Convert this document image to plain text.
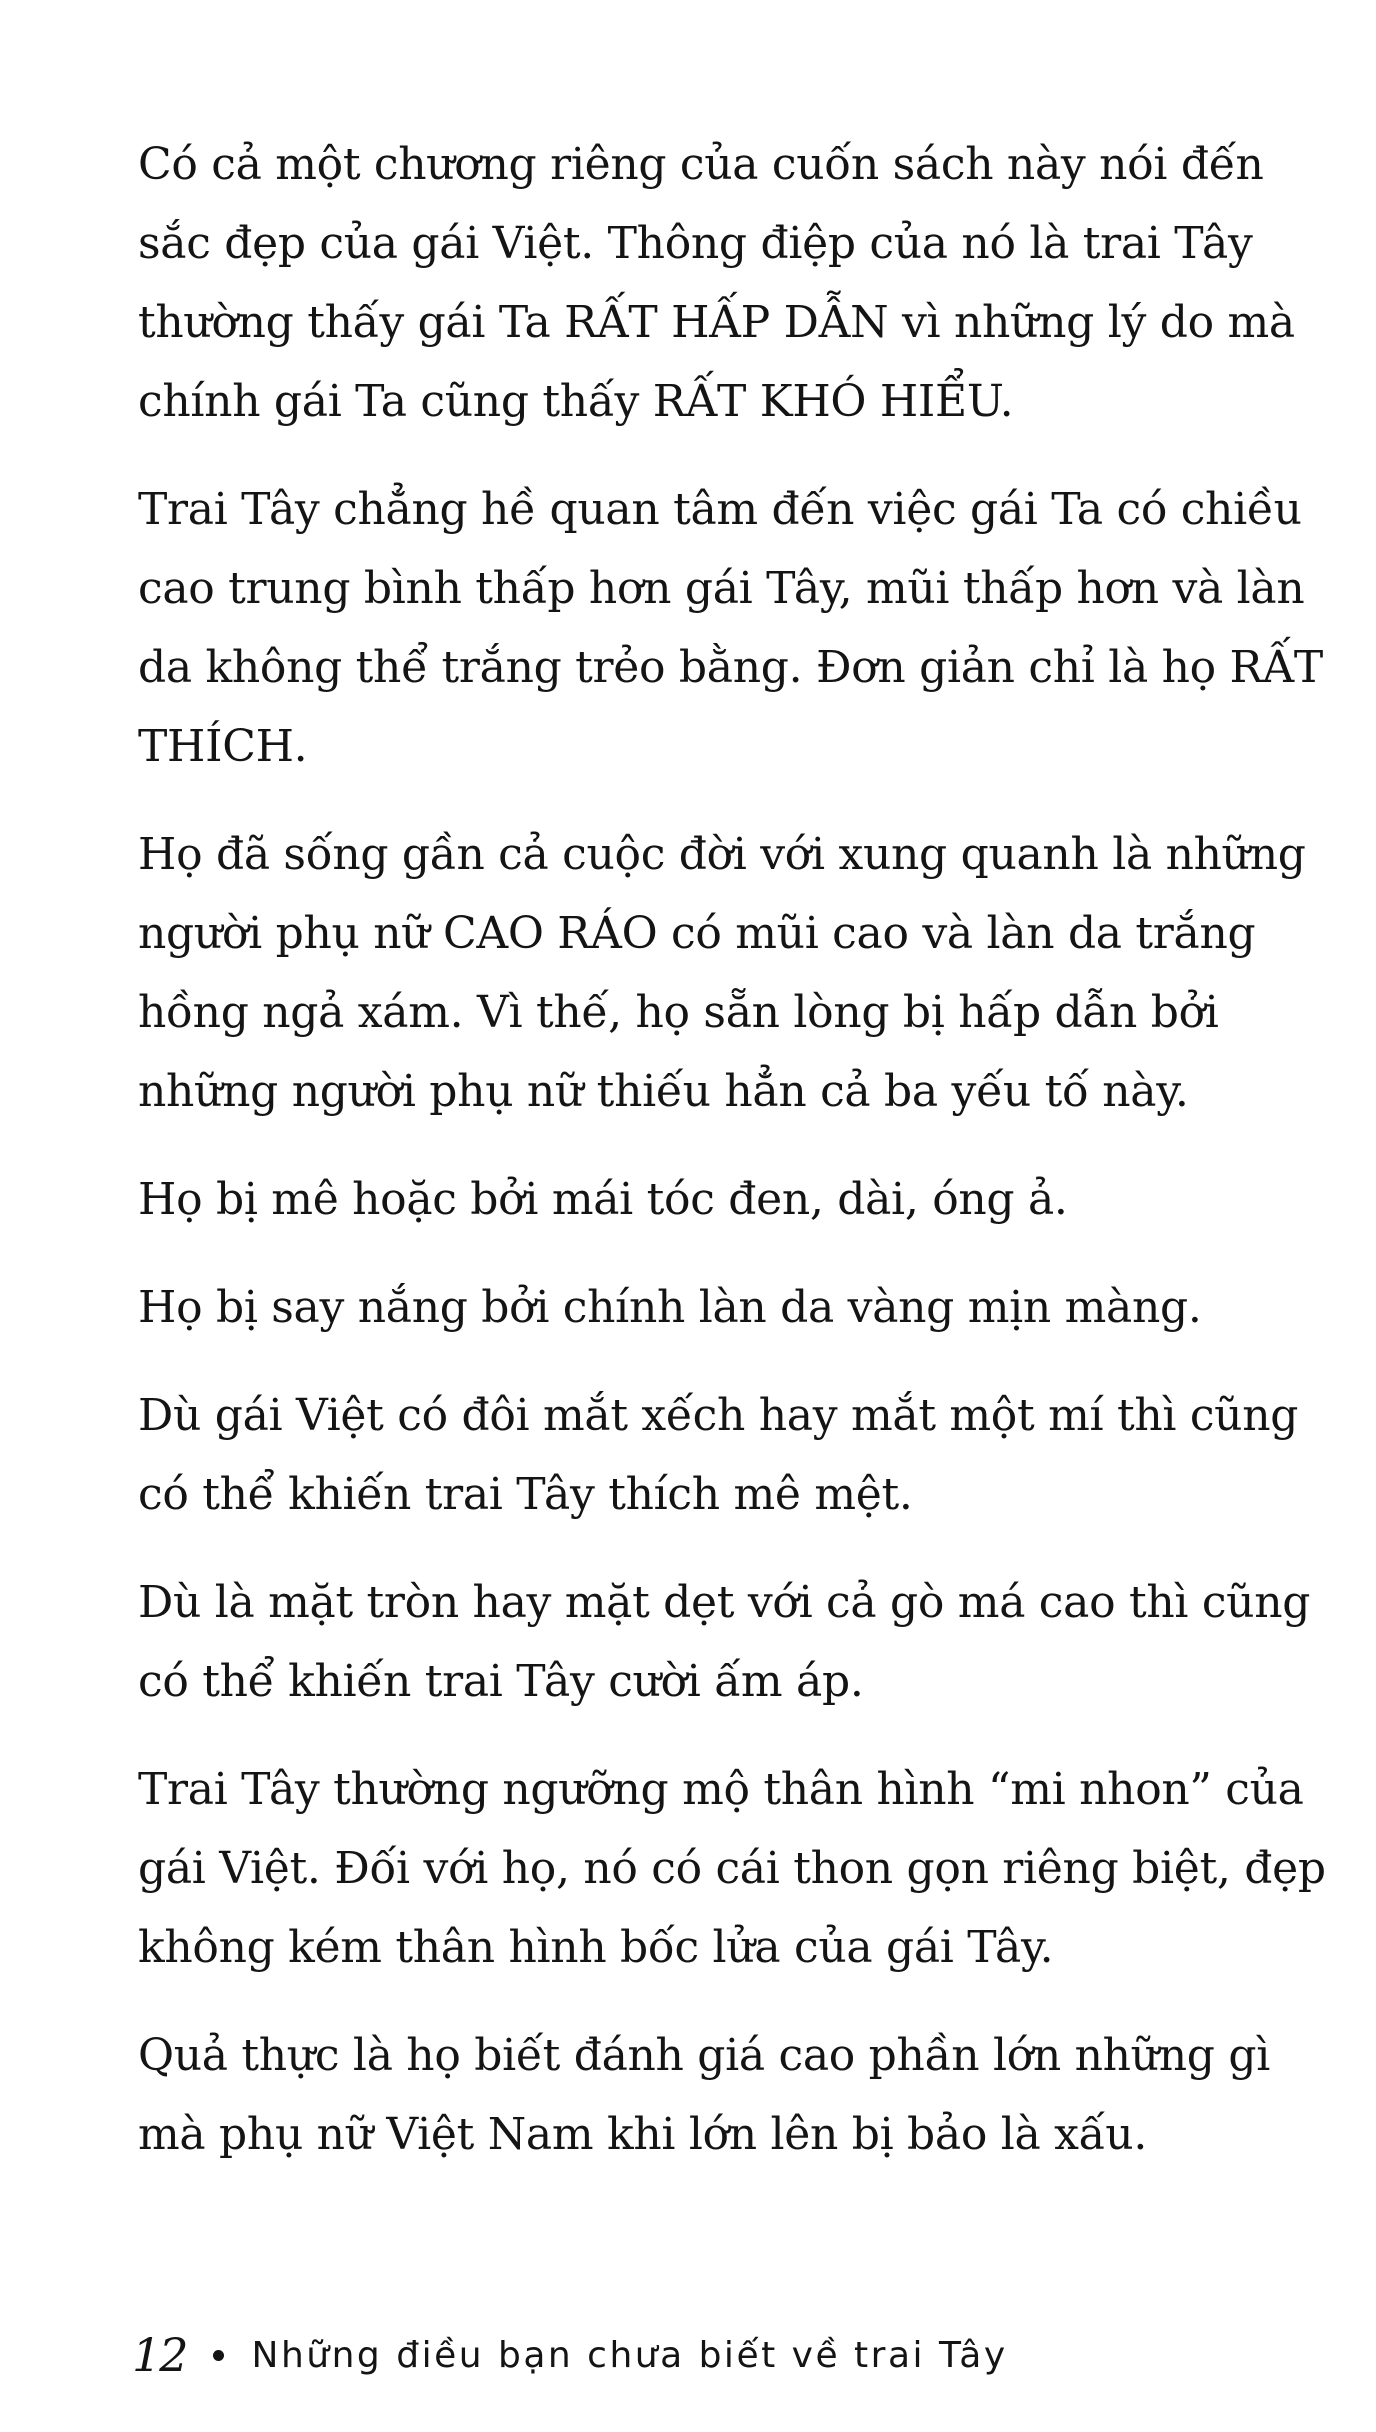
Có cả một chương riêng của cuốn sách này nói đến
sắc đẹp của gái Việt. Thông điệp của nó là trai Tây
thường thấy gái Ta RẤT HẤP DẪN vì những lý do mà
chính gái Ta cũng thấy RẤT KHÓ HIỂU.

Trai Tây chẳng hề quan tâm đến việc gái Ta có chiều
cao trung bình thấp hơn gái Tây, mũi thấp hơn và làn
da không thể trắng trẻo bằng. Đơn giản chỉ là họ RẤT
THÍCH.

Họ đã sống gần cả cuộc đời với xung quanh là những
người phụ nữ CAO RÁO có mũi cao và làn da trắng
hồng ngả xám. Vì thế, họ sẵn lòng bị hấp dẫn bởi
những người phụ nữ thiếu hẳn cả ba yếu tố này.

Họ bị mê hoặc bởi mái tóc đen, dài, óng ả.

Họ bị say nắng bởi chính làn da vàng mịn màng.

Dù gái Việt có đôi mắt xếch hay mắt một mí thì cũng
có thể khiến trai Tây thích mê mệt.

Dù là mặt tròn hay mặt dẹt với cả gò má cao thì cũng
có thể khiến trai Tây cười ấm áp.

Trai Tây thường ngưỡng mộ thân hình “mi nhon” của
gái Việt. Đối với họ, nó có cái thon gọn riêng biệt, đẹp
không kém thân hình bốc lửa của gái Tây.

Quả thực là họ biết đánh giá cao phần lớn những gì
mà phụ nữ Việt Nam khi lớn lên bị bảo là xấu.

12 Những điều bạn chưa biết về trai Tây
